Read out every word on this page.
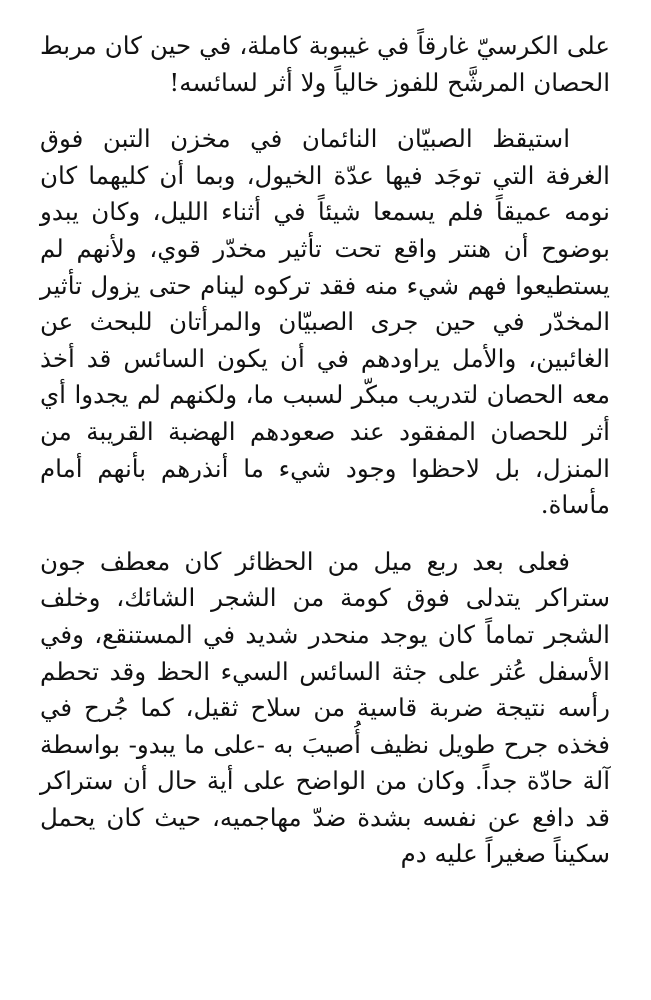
على الكرسيّ غارقاً في غيبوبة كاملة، في حين كان مربط الحصان المرشَّح للفوز خالياً ولا أثر لسائسه!

استيقظ الصبيّان النائمان في مخزن التبن فوق الغرفة التي توجَد فيها عدّة الخيول، وبما أن كليهما كان نومه عميقاً فلم يسمعا شيئاً في أثناء الليل، وكان يبدو بوضوح أن هنتر واقع تحت تأثير مخدّر قوي، ولأنهم لم يستطيعوا فهم شيء منه فقد تركوه لينام حتى يزول تأثير المخدّر في حين جرى الصبيّان والمرأتان للبحث عن الغائبين، والأمل يراودهم في أن يكون السائس قد أخذ معه الحصان لتدريب مبكّر لسبب ما، ولكنهم لم يجدوا أي أثر للحصان المفقود عند صعودهم الهضبة القريبة من المنزل، بل لاحظوا وجود شيء ما أنذرهم بأنهم أمام مأساة.

فعلى بعد ربع ميل من الحظائر كان معطف جون ستراكر يتدلى فوق كومة من الشجر الشائك، وخلف الشجر تماماً كان يوجد منحدر شديد في المستنقع، وفي الأسفل عُثر على جثة السائس السيء الحظ وقد تحطم رأسه نتيجة ضربة قاسية من سلاح ثقيل، كما جُرح في فخذه جرح طويل نظيف أُصيبَ به -على ما يبدو- بواسطة آلة حادّة جداً. وكان من الواضح على أية حال أن ستراكر قد دافع عن نفسه بشدة ضدّ مهاجميه، حيث كان يحمل سكيناً صغيراً عليه دم
